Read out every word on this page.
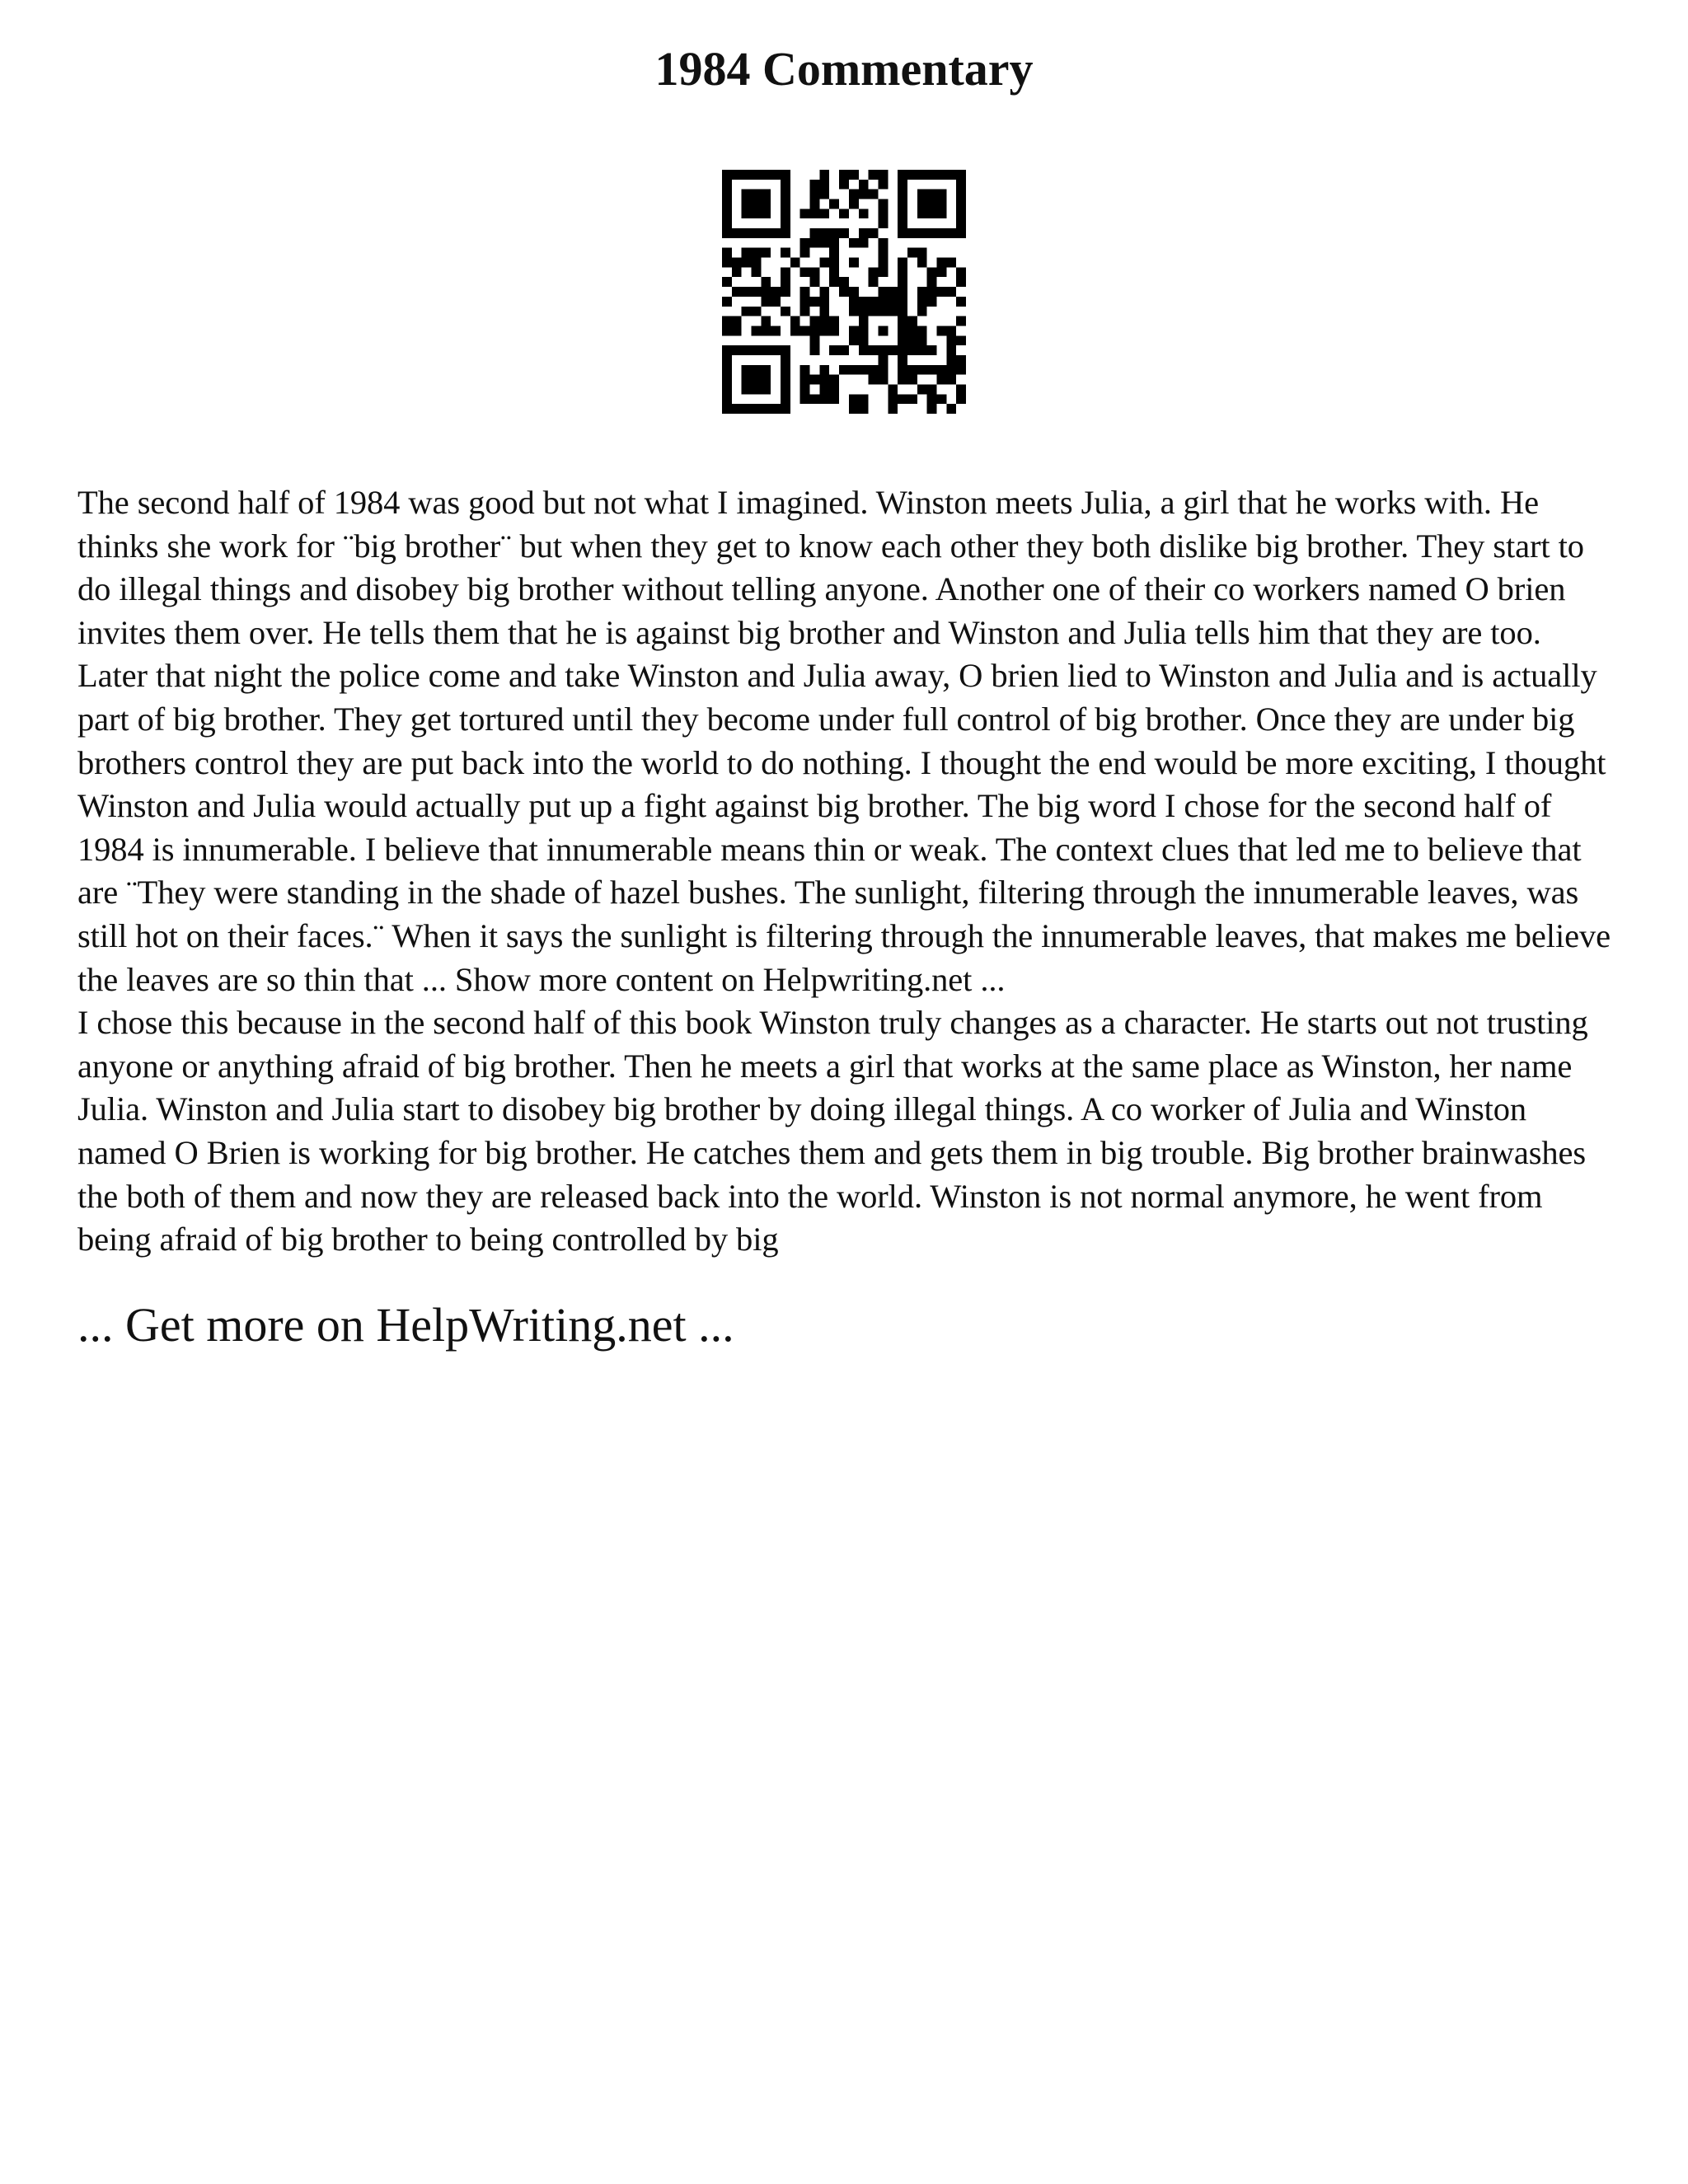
1984 Commentary

The second half of 1984 was good but not what I imagined. Winston meets Julia, a girl that he works with. He thinks she work for ¨big brother¨ but when they get to know each other they both dislike big brother. They start to do illegal things and disobey big brother without telling anyone. Another one of their co workers named O brien invites them over. He tells them that he is against big brother and Winston and Julia tells him that they are too. Later that night the police come and take Winston and Julia away, O brien lied to Winston and Julia and is actually part of big brother. They get tortured until they become under full control of big brother. Once they are under big brothers control they are put back into the world to do nothing. I thought the end would be more exciting, I thought Winston and Julia would actually put up a fight against big brother. The big word I chose for the second half of 1984 is innumerable. I believe that innumerable means thin or weak. The context clues that led me to believe that are ¨They were standing in the shade of hazel bushes. The sunlight, filtering through the innumerable leaves, was still hot on their faces.¨ When it says the sunlight is filtering through the innumerable leaves, that makes me believe the leaves are so thin that ... Show more content on Helpwriting.net ...

I chose this because in the second half of this book Winston truly changes as a character. He starts out not trusting anyone or anything afraid of big brother. Then he meets a girl that works at the same place as Winston, her name Julia. Winston and Julia start to disobey big brother by doing illegal things. A co worker of Julia and Winston named O Brien is working for big brother. He catches them and gets them in big trouble. Big brother brainwashes the both of them and now they are released back into the world. Winston is not normal anymore, he went from being afraid of big brother to being controlled by big

... Get more on HelpWriting.net ...
